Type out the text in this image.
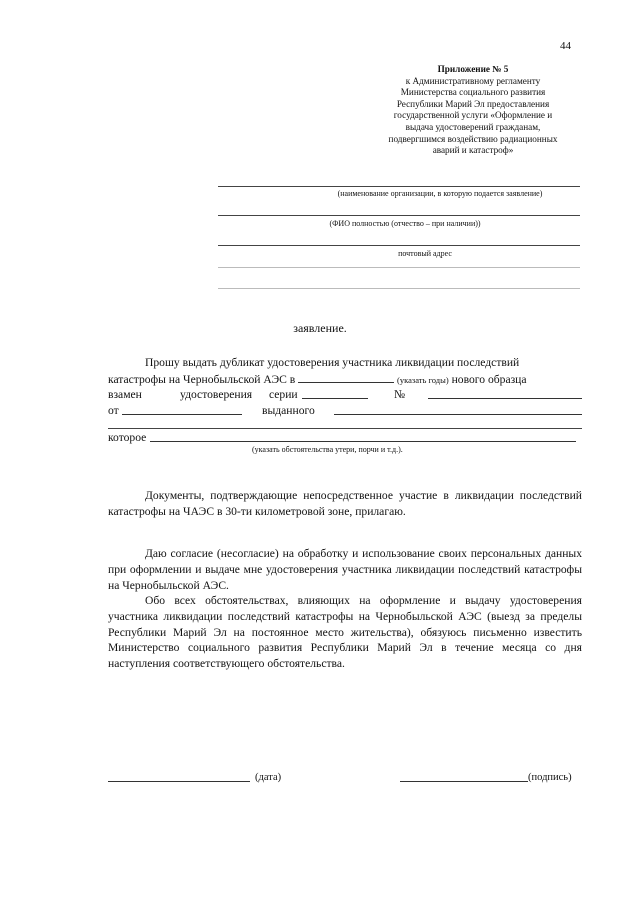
44
Приложение № 5
к Административному регламенту
Министерства социального развития
Республики Марий Эл предоставления
государственной услуги «Оформление и
выдача удостоверений гражданам,
подвергшимся воздействию радиационных
аварий и катастроф»
(наименование организации, в которую подается заявление)
(ФИО полностью (отчество – при наличии))
почтовый адрес
заявление.
Прошу выдать дубликат удостоверения участника ликвидации последствий
катастрофы на Чернобыльской АЭС в	(указать годы) нового образца
взамен	удостоверения серии	№
от	выданного
которое
(указать обстоятельства утери, порчи и т.д.).

Документы, подтверждающие непосредственное участие в ликвидации последствий катастрофы на ЧАЭС в 30-ти километровой зоне, прилагаю.

Даю согласие (несогласие) на обработку и использование своих персональных данных при оформлении и выдаче мне удостоверения участника ликвидации последствий катастрофы на Чернобыльской АЭС.

Обо всех обстоятельствах, влияющих на оформление и выдачу удостоверения участника ликвидации последствий катастрофы на Чернобыльской АЭС (выезд за пределы Республики Марий Эл на постоянное место жительства), обязуюсь письменно известить Министерство социального развития Республики Марий Эл в течение месяца со дня наступления соответствующего обстоятельства.

(дата)	(подпись)
